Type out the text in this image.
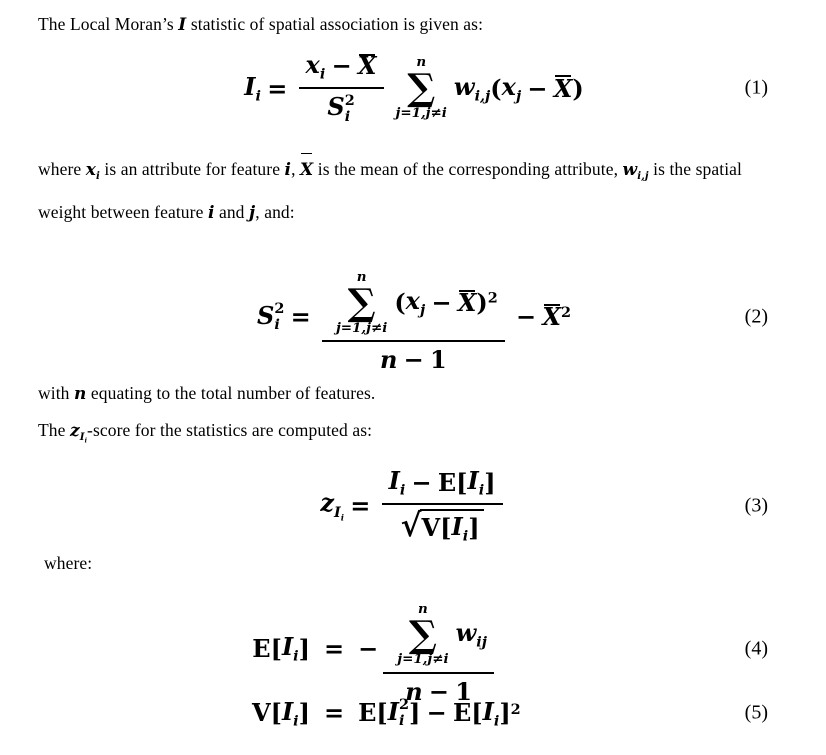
The Local Moran’s I statistic of spatial association is given as:

$I_i = x_i - X$
S 2
i n
∑
j=1,j≠i
$w_{i,j}$ ( $x_j - X$ )	(1)

where $x_i$ is an attribute for feature i, X is the mean of the corresponding attribute, $w_{i,j}$ is the spatial
weight between feature i and j, and:

S 2
i = n
∑
j=1,j≠i
( $x_j - X$ ) $^2$
$n - 1 - X^2$	(2)

with n equating to the total number of features.

The $z_{I_i}$-score for the statistics are computed as:

$z_{I_i} = \frac{I_i - E[ I_i ]}{√ V[ I_i ]}$	(3)

where:

E[ $I_i$ ] = −
n
∑
j=1,j≠i
$w_{ij}$
n − 1
(4)
V[ $I_i$ ] = E[ I 2
i ] − E[ $I_i$ ] $^2$	(5)
